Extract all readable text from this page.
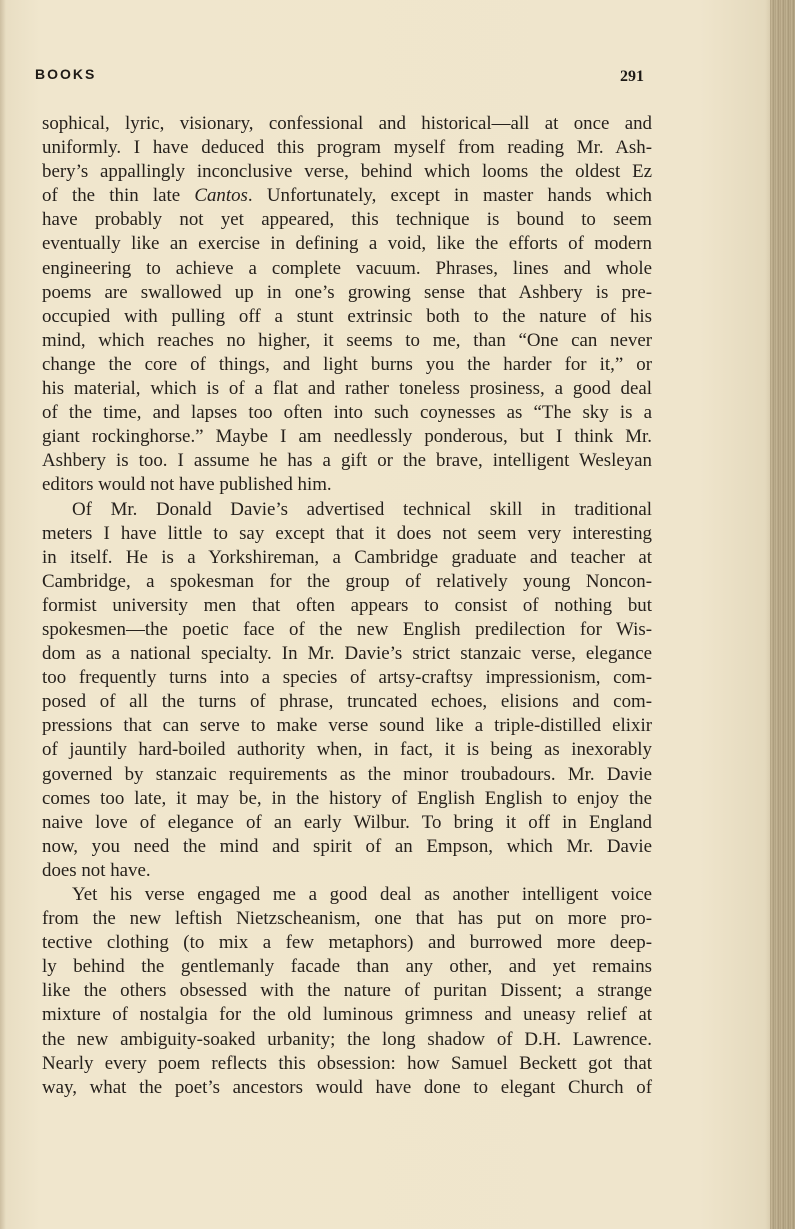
BOOKS	291
sophical, lyric, visionary, confessional and historical—all at once and
uniformly. I have deduced this program myself from reading Mr. Ash-
bery’s appallingly inconclusive verse, behind which looms the oldest Ez
of the thin late Cantos. Unfortunately, except in master hands which
have probably not yet appeared, this technique is bound to seem
eventually like an exercise in defining a void, like the efforts of modern
engineering to achieve a complete vacuum. Phrases, lines and whole
poems are swallowed up in one’s growing sense that Ashbery is pre-
occupied with pulling off a stunt extrinsic both to the nature of his
mind, which reaches no higher, it seems to me, than “One can never
change the core of things, and light burns you the harder for it,” or
his material, which is of a flat and rather toneless prosiness, a good deal
of the time, and lapses too often into such coynesses as “The sky is a
giant rockinghorse.” Maybe I am needlessly ponderous, but I think Mr.
Ashbery is too. I assume he has a gift or the brave, intelligent Wesleyan
editors would not have published him.
Of Mr. Donald Davie’s advertised technical skill in traditional
meters I have little to say except that it does not seem very interesting
in itself. He is a Yorkshireman, a Cambridge graduate and teacher at
Cambridge, a spokesman for the group of relatively young Noncon-
formist university men that often appears to consist of nothing but
spokesmen—the poetic face of the new English predilection for Wis-
dom as a national specialty. In Mr. Davie’s strict stanzaic verse, elegance
too frequently turns into a species of artsy-craftsy impressionism, com-
posed of all the turns of phrase, truncated echoes, elisions and com-
pressions that can serve to make verse sound like a triple-distilled elixir
of jauntily hard-boiled authority when, in fact, it is being as inexorably
governed by stanzaic requirements as the minor troubadours. Mr. Davie
comes too late, it may be, in the history of English English to enjoy the
naive love of elegance of an early Wilbur. To bring it off in England
now, you need the mind and spirit of an Empson, which Mr. Davie
does not have.
Yet his verse engaged me a good deal as another intelligent voice
from the new leftish Nietzscheanism, one that has put on more pro-
tective clothing (to mix a few metaphors) and burrowed more deep-
ly behind the gentlemanly facade than any other, and yet remains
like the others obsessed with the nature of puritan Dissent; a strange
mixture of nostalgia for the old luminous grimness and uneasy relief at
the new ambiguity-soaked urbanity; the long shadow of D.H. Lawrence.
Nearly every poem reflects this obsession: how Samuel Beckett got that
way, what the poet’s ancestors would have done to elegant Church of
